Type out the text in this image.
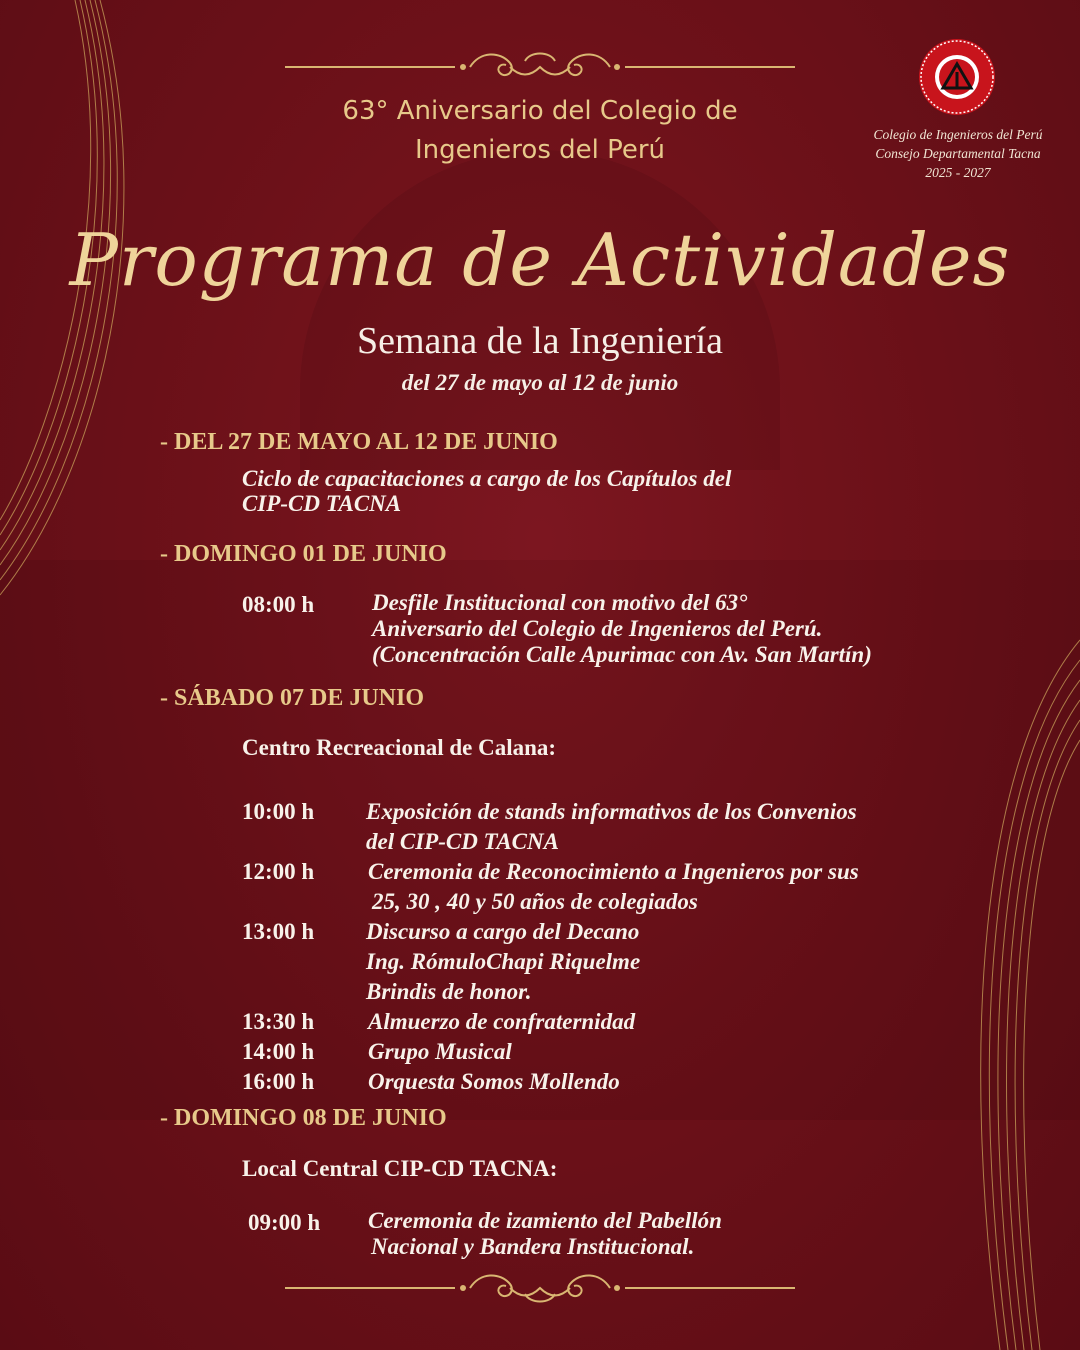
63° Aniversario del Colegio de
Ingenieros del Perú
Colegio de Ingenieros del Perú
Consejo Departamental Tacna
2025 - 2027
Programa de Actividades
Semana de la Ingeniería
del 27 de mayo al 12 de junio
- DEL 27 DE MAYO AL 12 DE JUNIO
Ciclo de capacitaciones a cargo de los Capítulos del
CIP-CD TACNA
- DOMINGO 01 DE JUNIO
08:00 h	Desfile Institucional con motivo del 63°
Aniversario del Colegio de Ingenieros del Perú.
(Concentración Calle Apurimac con Av. San Martín)
- SÁBADO 07 DE JUNIO
Centro Recreacional de Calana:
10:00 h Exposición de stands informativos de los Convenios
del CIP-CD TACNA
12:00 h Ceremonia de Reconocimiento a Ingenieros por sus
25, 30 , 40 y 50 años de colegiados
13:00 h Discurso a cargo del Decano
Ing. RómuloChapi Riquelme
Brindis de honor.
13:30 h Almuerzo de confraternidad
14:00 h Grupo Musical
16:00 h Orquesta Somos Mollendo
- DOMINGO 08 DE JUNIO
Local Central CIP-CD TACNA:
09:00 h Ceremonia de izamiento del Pabellón
Nacional y Bandera Institucional.
